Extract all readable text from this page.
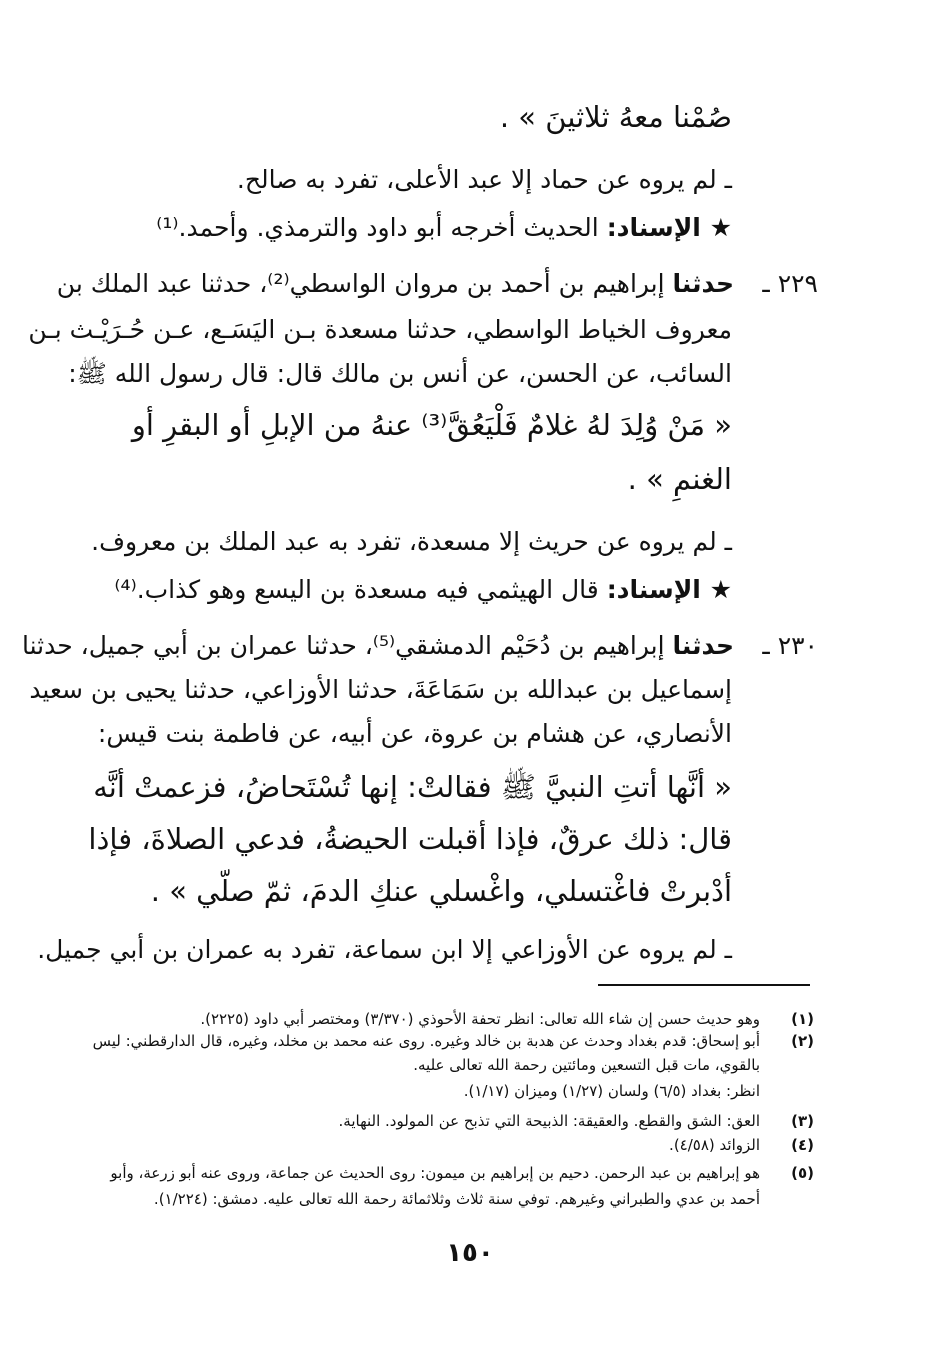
صُمْنا معهُ ثلاثينَ » .
ـ لم يروه عن حماد إلا عبد الأعلى، تفرد به صالح.
★ الإسناد: الحديث أخرجه أبو داود والترمذي. وأحمد.⁽¹⁾
٢٢٩ ـ
حدثنا إبراهيم بن أحمد بن مروان الواسطي⁽²⁾، حدثنا عبد الملك بن
معروف الخياط الواسطي، حدثنا مسعدة بـن اليَسَـع، عـن حُـرَيْـث بـن
السائب، عن الحسن، عن أنس بن مالك قال: قال رسول الله ﷺ:
« مَنْ وُلِدَ لهُ غلامٌ فَلْيَعُقَّ⁽³⁾ عنهُ من الإبلِ أو البقرِ أو
الغنمِ » .
ـ لم يروه عن حريث إلا مسعدة، تفرد به عبد الملك بن معروف.
★ الإسناد: قال الهيثمي فيه مسعدة بن اليسع وهو كذاب.⁽⁴⁾
٢٣٠ ـ
حدثنا إبراهيم بن دُحَيْم الدمشقي⁽⁵⁾، حدثنا عمران بن أبي جميل، حدثنا
إسماعيل بن عبدالله بن سَمَاعَةَ، حدثنا الأوزاعي، حدثنا يحيى بن سعيد
الأنصاري، عن هشام بن عروة، عن أبيه، عن فاطمة بنت قيس:
« أنَّها أتتِ النبيَّ ﷺ فقالتْ: إنها تُسْتَحاضُ، فزعمتْ أنَّه
قال: ذلك عرقٌ، فإذا أقبلت الحيضةُ، فدعي الصلاةَ، فإذا
أدْبرتْ فاغْتسلي، واغْسلي عنكِ الدمَ، ثمّ صلّي » .
ـ لم يروه عن الأوزاعي إلا ابن سماعة، تفرد به عمران بن أبي جميل.
(١)
وهو حديث حسن إن شاء الله تعالى: انظر تحفة الأحوذي (٣/٣٧٠) ومختصر أبي داود (٢٢٢٥).
(٢)
أبو إسحاق: قدم بغداد وحدث عن هدبة بن خالد وغيره. روى عنه محمد بن مخلد، وغيره، قال الدارقطني: ليس
بالقوي، مات قبل التسعين ومائتين رحمة الله تعالى عليه.
انظر: بغداد (٦/٥) ولسان (١/٢٧) وميزان (١/١٧).
(٣)
العق: الشق والقطع. والعقيقة: الذبيحة التي تذبح عن المولود. النهاية.
(٤)
الزوائد (٤/٥٨).
(٥)
هو إبراهيم بن عبد الرحمن. دحيم بن إبراهيم بن ميمون: روى الحديث عن جماعة، وروى عنه أبو زرعة، وأبو
أحمد بن عدي والطبراني وغيرهم. توفي سنة ثلاث وثلاثمائة رحمة الله تعالى عليه. دمشق: (١/٢٢٤).
١٥٠
